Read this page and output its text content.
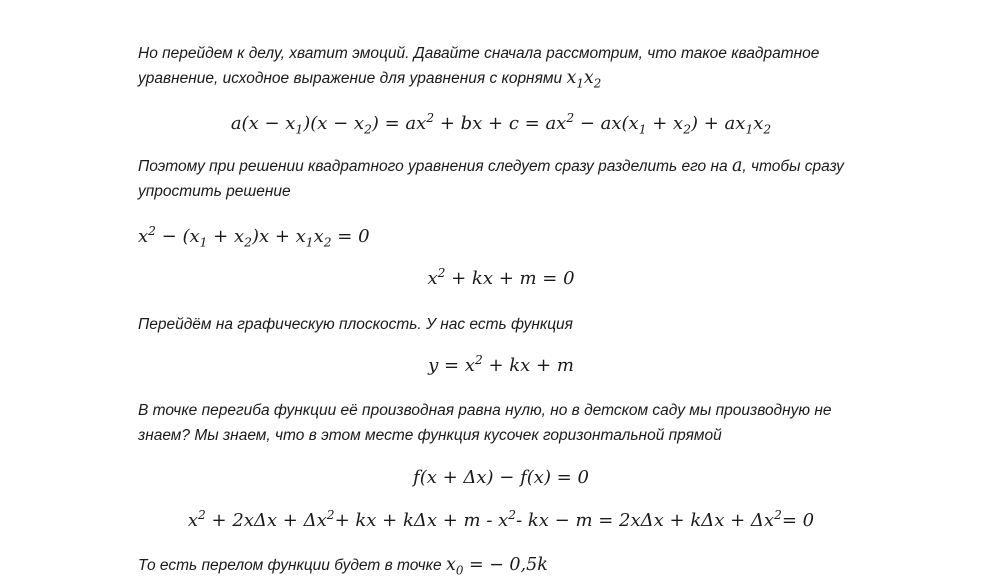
Но перейдем к делу, хватит эмоций. Давайте сначала рассмотрим, что такое квадратное
уравнение, исходное выражение для уравнения с корнями $x_1x_2$

$a(x - x_1)(x - x_2) = ax^2$ + bx + $c = ax^2 - ax(x_1 + x_2) + ax_1x_2$

Поэтому при решении квадратного уравнения следует сразу разделить его на a, чтобы сразу
упростить решение

$x^2 - (x_1 + x_2)x + x_1x_2 = 0$

$x^2$ + kx + m = 0

Перейдём на графическую плоскость. У нас есть функция

$y = x^2$ + kx + m

В точке перегиба функции её производная равна нулю, но в детском саду мы производную не
знаем? Мы знаем, что в этом месте функция кусочек горизонтальной прямой

f(x + Δx) − f(x) = 0

$x^2 + 2x\Delta x + \Delta x^2+$ kx + $k\Delta x + m - x^2-$ kx − $m = 2x\Delta x + k\Delta x + \Delta x^2= 0$

То есть перелом функции будет в точке $x_0$ = − 0,5k
